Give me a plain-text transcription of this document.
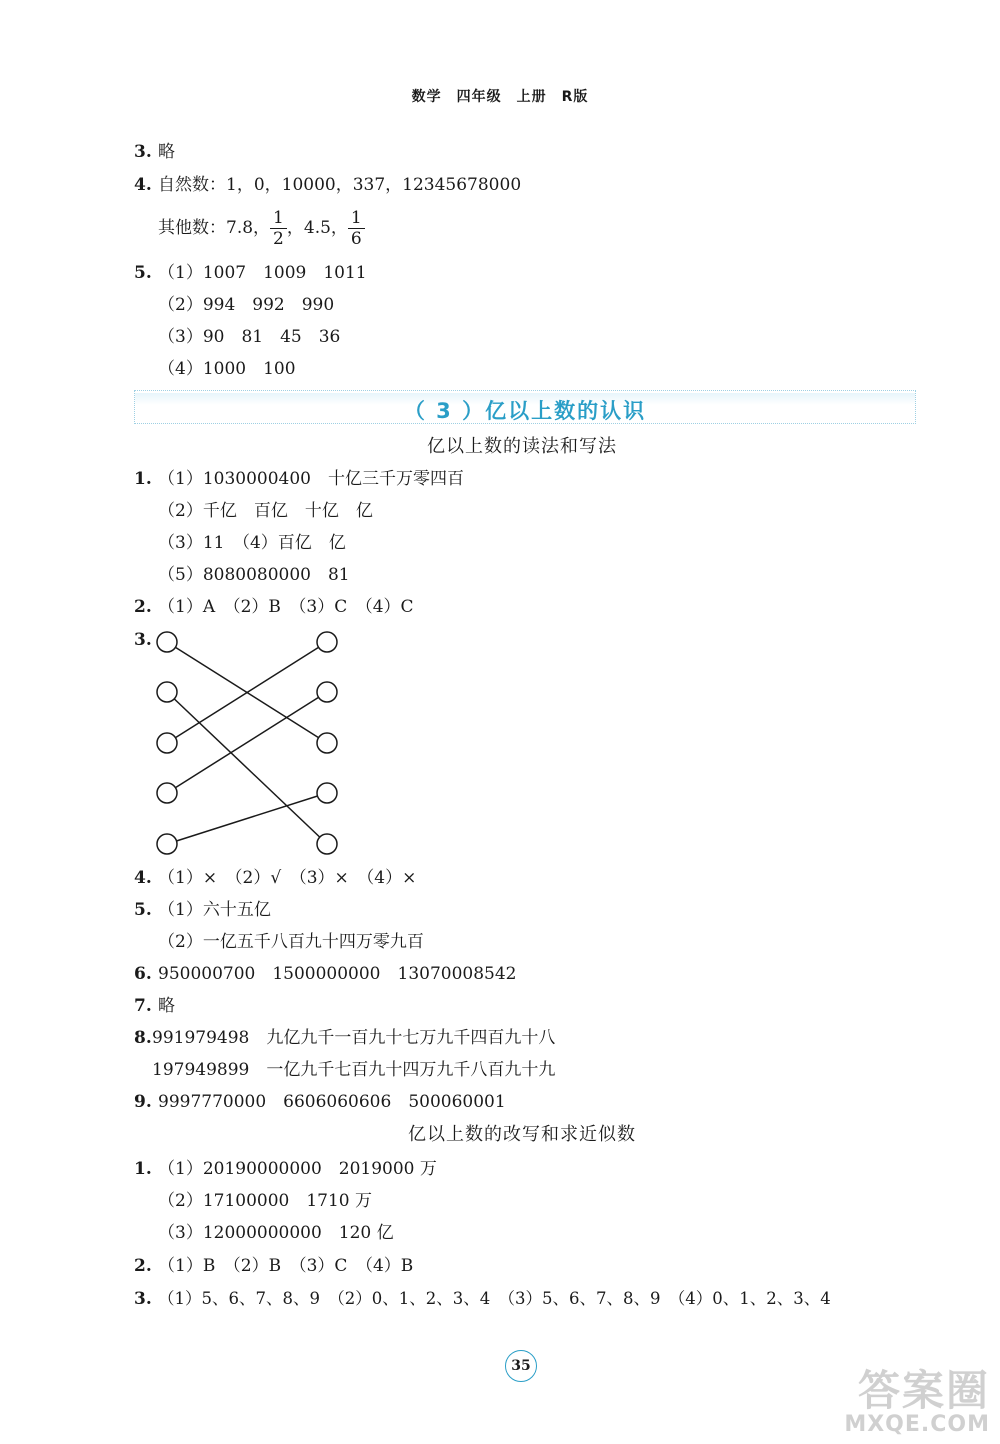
数学　四年级　上册　R版
3. 略
4. 自然数：1，0，10000，337，12345678000
其他数：7.8， $\frac{1}{2}$ ，4.5， $\frac{1}{6}$
5. （1）1007　1009　1011
（2）994　992　990
（3）90　81　45　36
（4）1000　100
（ 3 ）亿以上数的认识
亿以上数的读法和写法
1. （1）1030000400　十亿三千万零四百
（2）千亿　百亿　十亿　亿
（3）11　（4）百亿　亿
（5）8080080000　81
2. （1）A　（2）B　（3）C　（4）C
3.
4. （1）×　（2）√　（3）×　（4）×
5. （1）六十五亿
（2）一亿五千八百九十四万零九百
6. 950000700　1500000000　13070008542
7. 略
8. 991979498　九亿九千一百九十七万九千四百九十八
197949899　一亿九千七百九十四万九千八百九十九
9. 9997770000　6606060606　500060001
亿以上数的改写和求近似数
1. （1）20190000000　2019000 万
（2）17100000　1710 万
（3）12000000000　120 亿
2. （1）B　（2）B　（3）C　（4）B
3. （1）5、6、7、8、9　（2）0、1、2、3、4　（3）5、6、7、8、9　（4）0、1、2、3、4
35	答案圈
MXQE.COM
